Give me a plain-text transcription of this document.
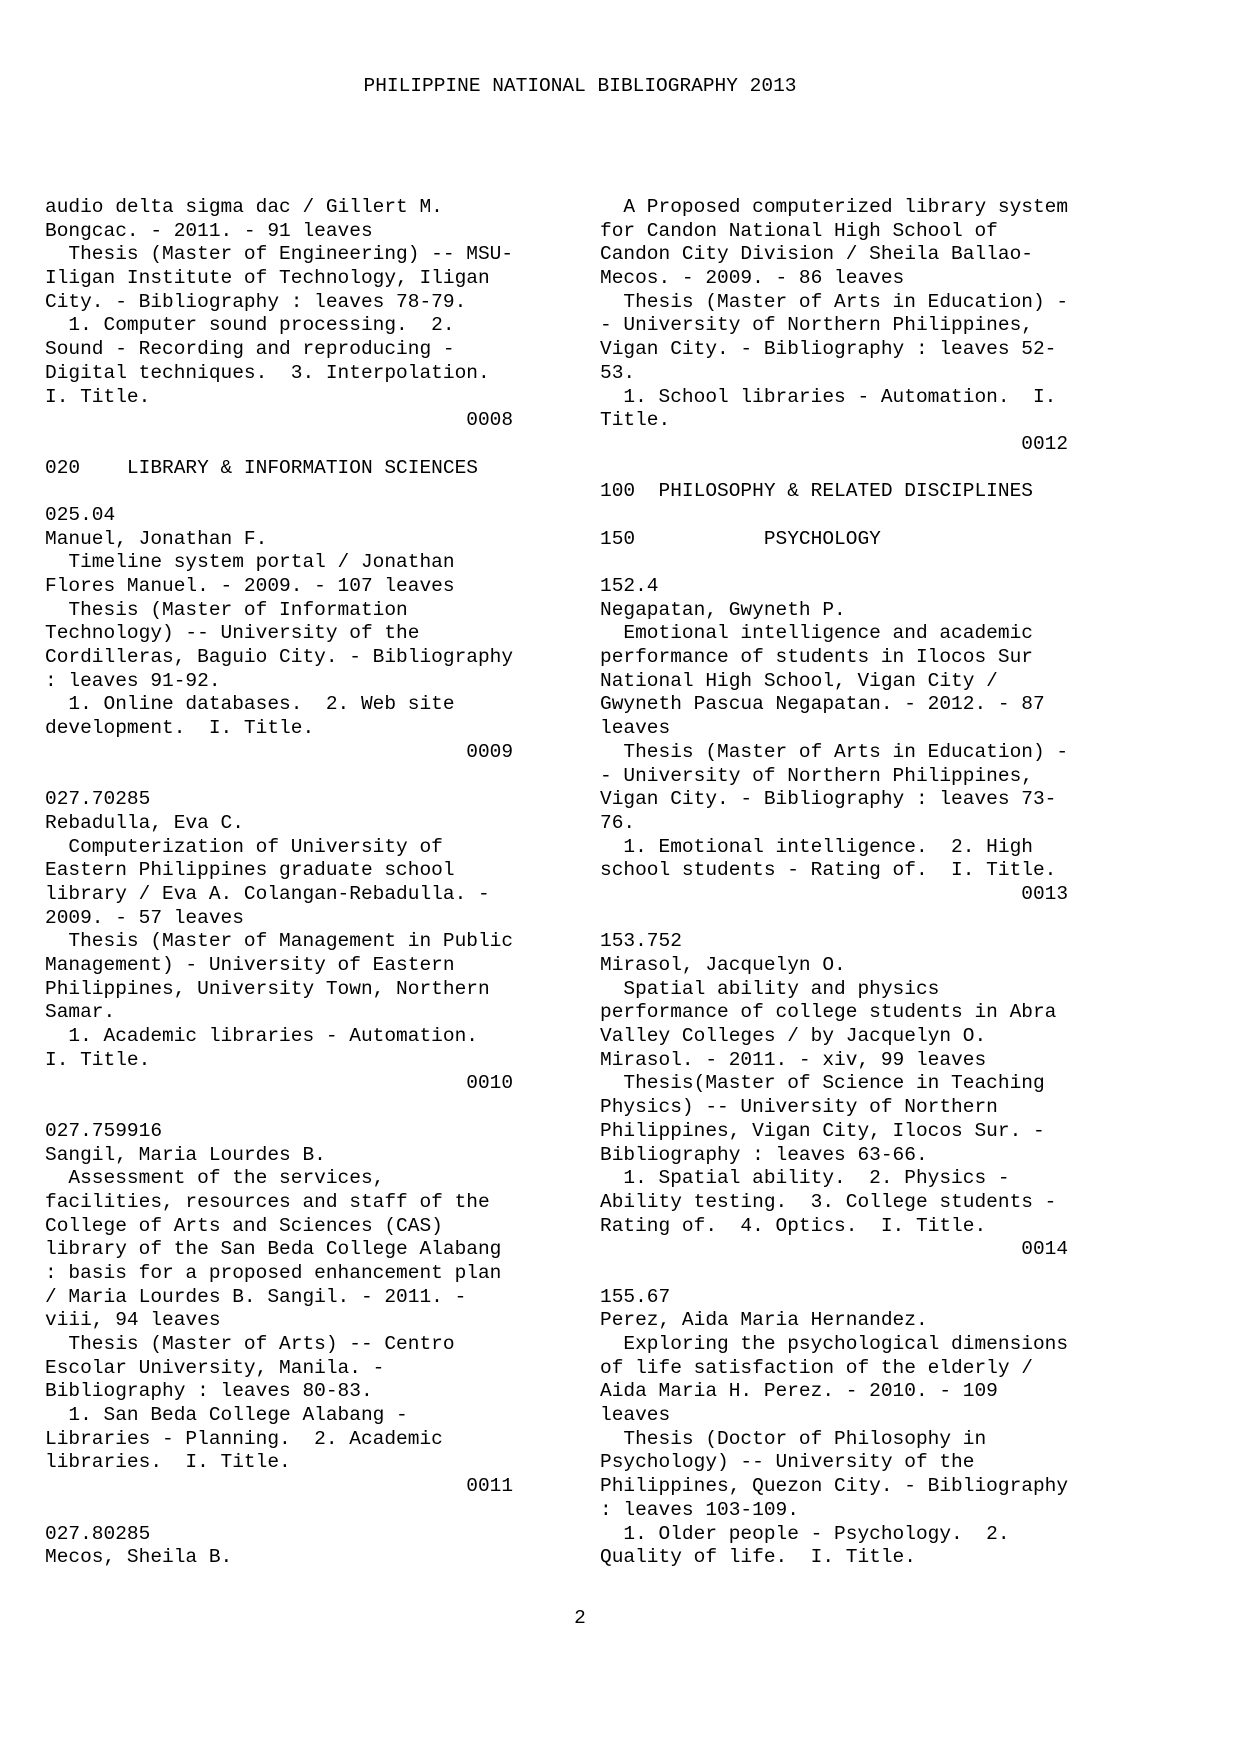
PHILIPPINE NATIONAL BIBLIOGRAPHY 2013
audio delta sigma dac / Gillert M.
Bongcac. - 2011. - 91 leaves
Thesis (Master of Engineering) -- MSU-
Iligan Institute of Technology, Iligan
City. - Bibliography : leaves 78-79.
1. Computer sound processing.  2.
Sound - Recording and reproducing -
Digital techniques.  3. Interpolation.
I. Title.
0008
020    LIBRARY & INFORMATION SCIENCES
025.04
Manuel, Jonathan F.
Timeline system portal / Jonathan
Flores Manuel. - 2009. - 107 leaves
Thesis (Master of Information
Technology) -- University of the
Cordilleras, Baguio City. - Bibliography
: leaves 91-92.
1. Online databases.  2. Web site
development.  I. Title.
0009
027.70285
Rebadulla, Eva C.
Computerization of University of
Eastern Philippines graduate school
library / Eva A. Colangan-Rebadulla. -
2009. - 57 leaves
Thesis (Master of Management in Public
Management) - University of Eastern
Philippines, University Town, Northern
Samar.
1. Academic libraries - Automation.
I. Title.
0010
027.759916
Sangil, Maria Lourdes B.
Assessment of the services,
facilities, resources and staff of the
College of Arts and Sciences (CAS)
library of the San Beda College Alabang
: basis for a proposed enhancement plan
/ Maria Lourdes B. Sangil. - 2011. -
viii, 94 leaves
Thesis (Master of Arts) -- Centro
Escolar University, Manila. -
Bibliography : leaves 80-83.
1. San Beda College Alabang -
Libraries - Planning.  2. Academic
libraries.  I. Title.
0011
027.80285
Mecos, Sheila B.
A Proposed computerized library system
for Candon National High School of
Candon City Division / Sheila Ballao-
Mecos. - 2009. - 86 leaves
Thesis (Master of Arts in Education) -
- University of Northern Philippines,
Vigan City. - Bibliography : leaves 52-
53.
1. School libraries - Automation.  I.
Title.
0012
100  PHILOSOPHY & RELATED DISCIPLINES
150           PSYCHOLOGY
152.4
Negapatan, Gwyneth P.
Emotional intelligence and academic
performance of students in Ilocos Sur
National High School, Vigan City /
Gwyneth Pascua Negapatan. - 2012. - 87
leaves
Thesis (Master of Arts in Education) -
- University of Northern Philippines,
Vigan City. - Bibliography : leaves 73-
76.
1. Emotional intelligence.  2. High
school students - Rating of.  I. Title.
0013
153.752
Mirasol, Jacquelyn O.
Spatial ability and physics
performance of college students in Abra
Valley Colleges / by Jacquelyn O.
Mirasol. - 2011. - xiv, 99 leaves
Thesis(Master of Science in Teaching
Physics) -- University of Northern
Philippines, Vigan City, Ilocos Sur. -
Bibliography : leaves 63-66.
1. Spatial ability.  2. Physics -
Ability testing.  3. College students -
Rating of.  4. Optics.  I. Title.
0014
155.67
Perez, Aida Maria Hernandez.
Exploring the psychological dimensions
of life satisfaction of the elderly /
Aida Maria H. Perez. - 2010. - 109
leaves
Thesis (Doctor of Philosophy in
Psychology) -- University of the
Philippines, Quezon City. - Bibliography
: leaves 103-109.
1. Older people - Psychology.  2.
Quality of life.  I. Title.
2
